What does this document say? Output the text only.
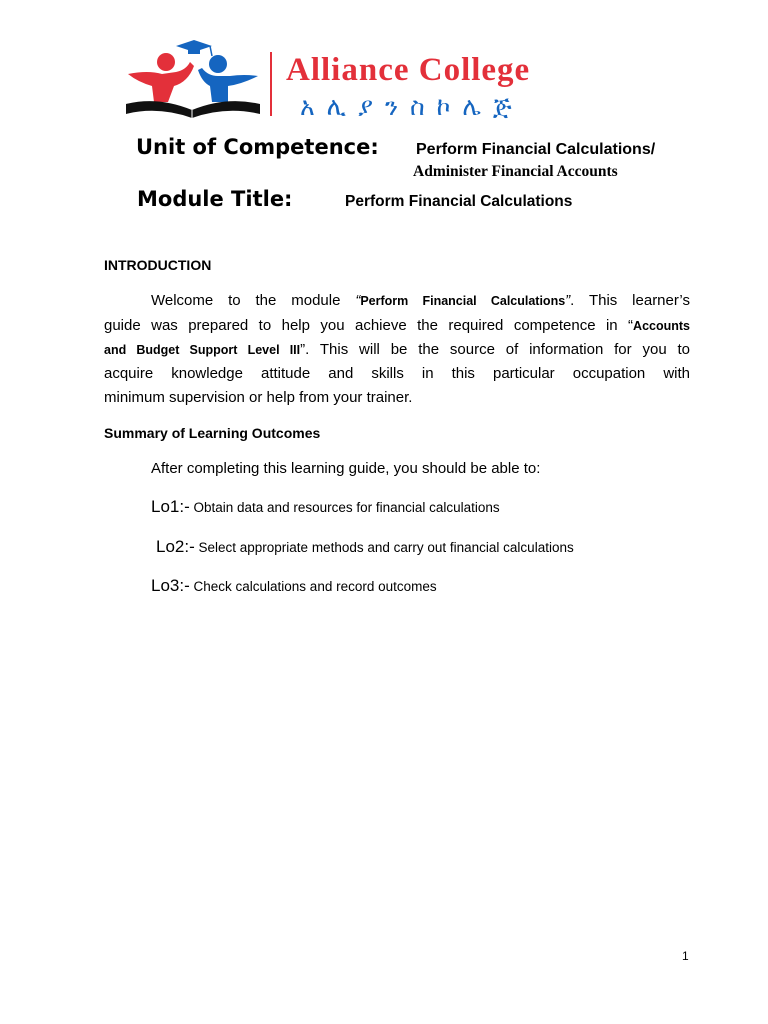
Alliance College
አ ሊ ያ ን ስ ኮ ሌ ጅ
Unit of Competence: Perform Financial Calculations/
Administer Financial Accounts
Module Title:	Perform Financial Calculations
INTRODUCTION
Welcome to the module “Perform Financial Calculations”. This learner’s
guide was prepared to help you achieve the required competence in “Accounts
and Budget Support Level III”. This will be the source of information for you to
acquire knowledge attitude and skills in this particular occupation with
minimum supervision or help from your trainer.
Summary of Learning Outcomes
After completing this learning guide, you should be able to:
Lo1:- Obtain data and resources for financial calculations
Lo2:- Select appropriate methods and carry out financial calculations
Lo3:- Check calculations and record outcomes
1
